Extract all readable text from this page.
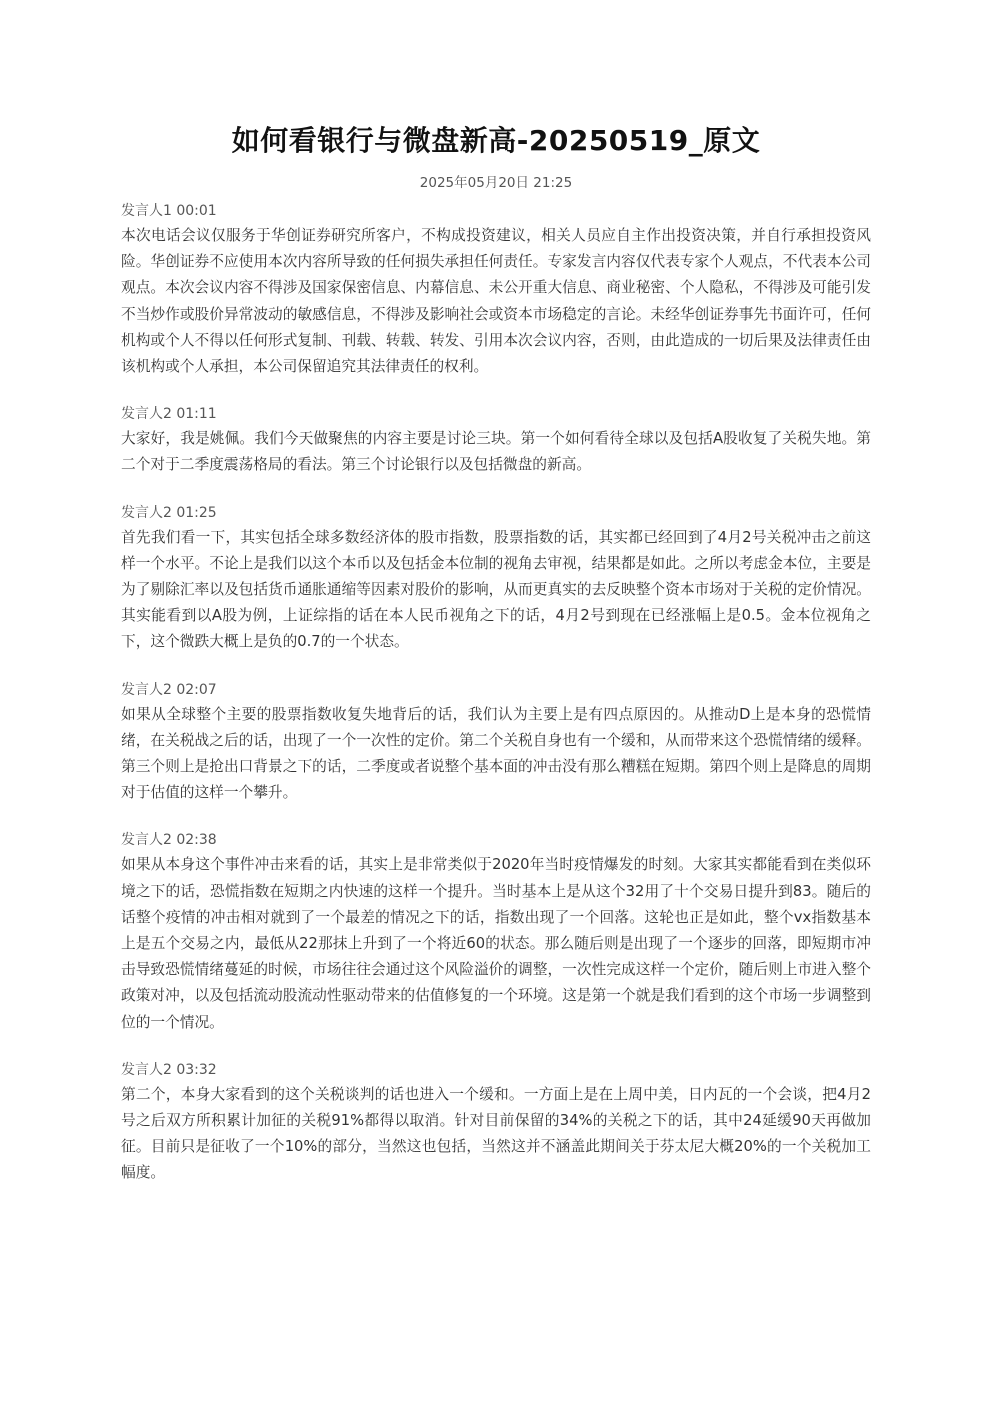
如何看银行与微盘新高-20250519_原文
2025年05月20日 21:25
发言人1 00:01

本次电话会议仅服务于华创证券研究所客户，不构成投资建议，相关人员应自主作出投资决策，并自行承担投资风险。华创证券不应使用本次内容所导致的任何损失承担任何责任。专家发言内容仅代表专家个人观点，不代表本公司观点。本次会议内容不得涉及国家保密信息、内幕信息、未公开重大信息、商业秘密、个人隐私，不得涉及可能引发不当炒作或股价异常波动的敏感信息，不得涉及影响社会或资本市场稳定的言论。未经华创证券事先书面许可，任何机构或个人不得以任何形式复制、刊载、转载、转发、引用本次会议内容，否则，由此造成的一切后果及法律责任由该机构或个人承担，本公司保留追究其法律责任的权利。

发言人2 01:11

大家好，我是姚佩。我们今天做聚焦的内容主要是讨论三块。第一个如何看待全球以及包括A股收复了关税失地。第二个对于二季度震荡格局的看法。第三个讨论银行以及包括微盘的新高。

发言人2 01:25

首先我们看一下，其实包括全球多数经济体的股市指数，股票指数的话，其实都已经回到了4月2号关税冲击之前这样一个水平。不论上是我们以这个本币以及包括金本位制的视角去审视，结果都是如此。之所以考虑金本位，主要是为了剔除汇率以及包括货币通胀通缩等因素对股价的影响，从而更真实的去反映整个资本市场对于关税的定价情况。其实能看到以A股为例，上证综指的话在本人民币视角之下的话，4月2号到现在已经涨幅上是0.5。金本位视角之下，这个微跌大概上是负的0.7的一个状态。

发言人2 02:07

如果从全球整个主要的股票指数收复失地背后的话，我们认为主要上是有四点原因的。从推动D上是本身的恐慌情绪，在关税战之后的话，出现了一个一次性的定价。第二个关税自身也有一个缓和，从而带来这个恐慌情绪的缓释。第三个则上是抢出口背景之下的话，二季度或者说整个基本面的冲击没有那么糟糕在短期。第四个则上是降息的周期对于估值的这样一个攀升。

发言人2 02:38

如果从本身这个事件冲击来看的话，其实上是非常类似于2020年当时疫情爆发的时刻。大家其实都能看到在类似环境之下的话，恐慌指数在短期之内快速的这样一个提升。当时基本上是从这个32用了十个交易日提升到83。随后的话整个疫情的冲击相对就到了一个最差的情况之下的话，指数出现了一个回落。这轮也正是如此，整个vx指数基本上是五个交易之内，最低从22那抹上升到了一个将近60的状态。那么随后则是出现了一个逐步的回落，即短期市冲击导致恐慌情绪蔓延的时候，市场往往会通过这个风险溢价的调整，一次性完成这样一个定价，随后则上市进入整个政策对冲，以及包括流动股流动性驱动带来的估值修复的一个环境。这是第一个就是我们看到的这个市场一步调整到位的一个情况。

发言人2 03:32

第二个，本身大家看到的这个关税谈判的话也进入一个缓和。一方面上是在上周中美，日内瓦的一个会谈，把4月2号之后双方所积累计加征的关税91%都得以取消。针对目前保留的34%的关税之下的话，其中24延缓90天再做加征。目前只是征收了一个10%的部分，当然这也包括，当然这并不涵盖此期间关于芬太尼大概20%的一个关税加工幅度。
